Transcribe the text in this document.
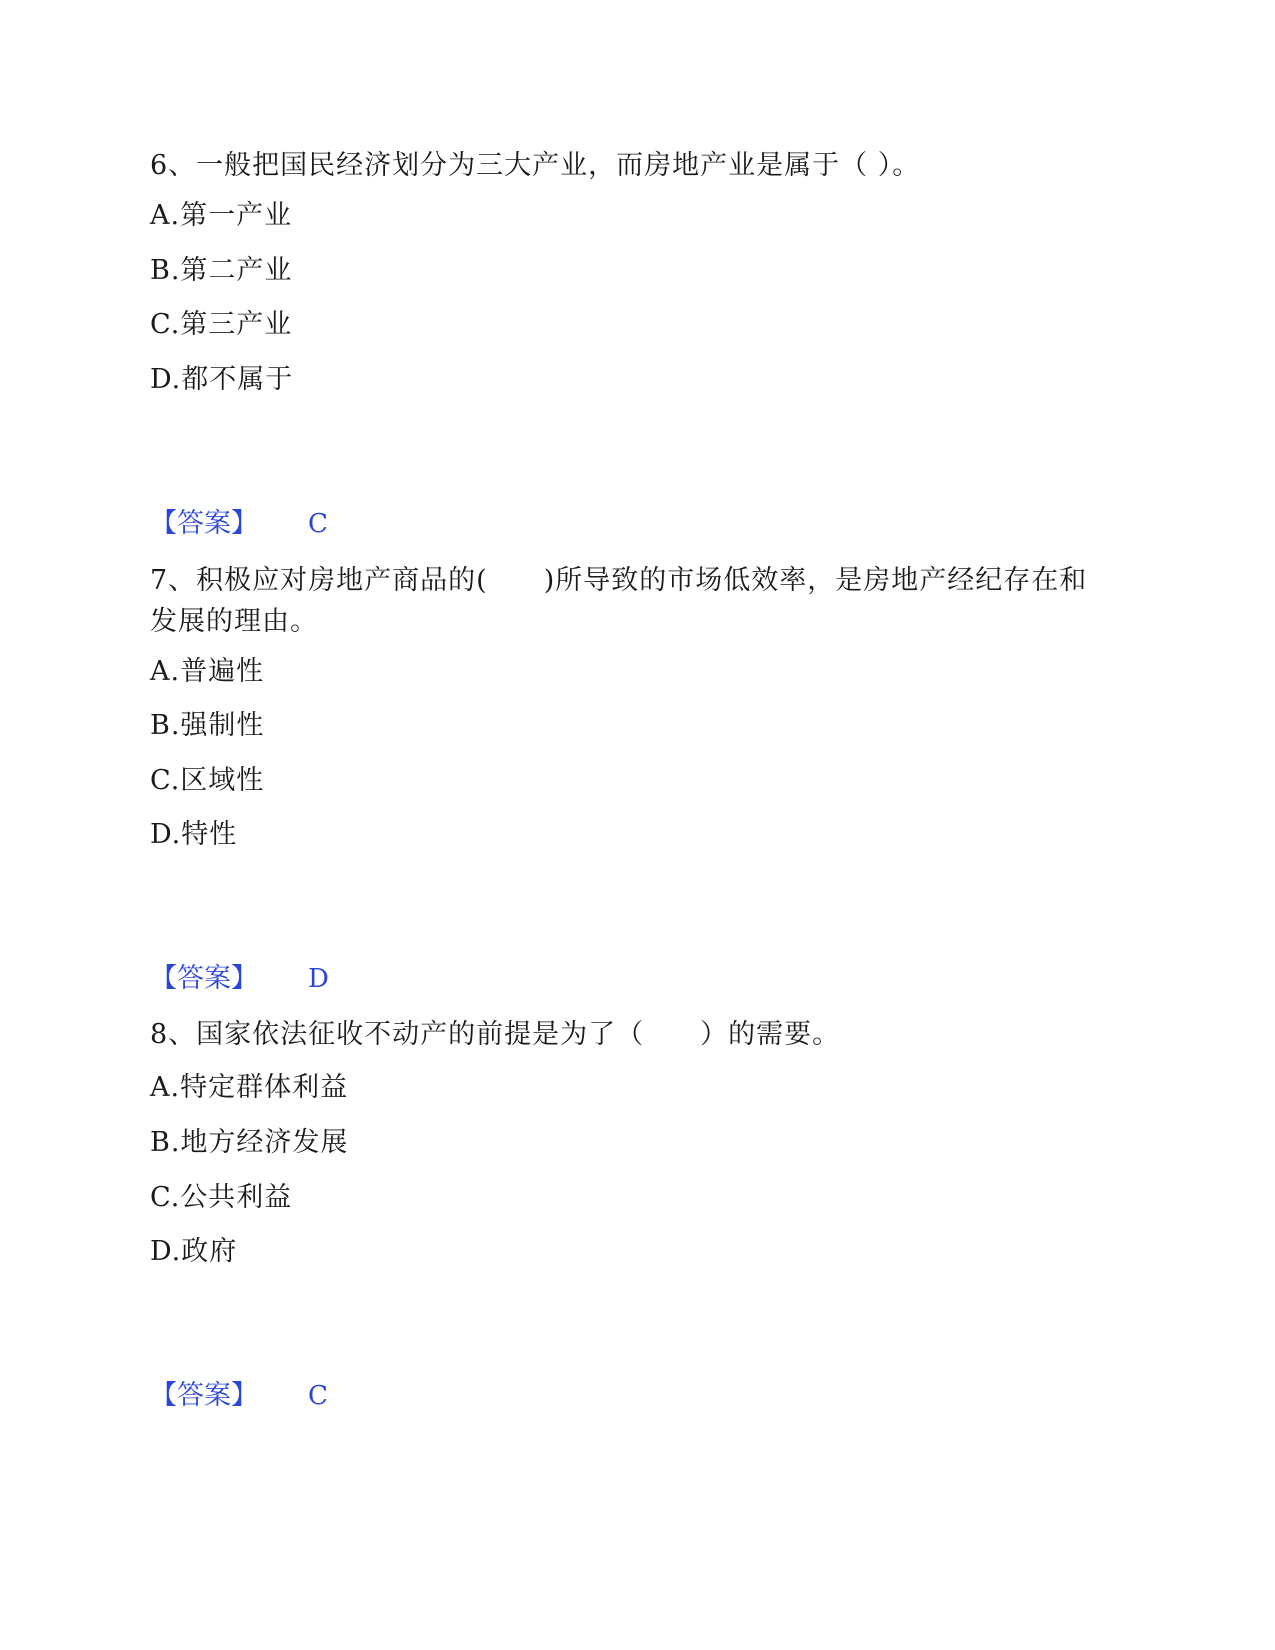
6、一般把国民经济划分为三大产业，而房地产业是属于（ ）。
A.第一产业
B.第二产业
C.第三产业
D.都不属于
【答案】 C
7、积极应对房地产商品的(　　)所导致的市场低效率，是房地产经纪存在和发展的理由。
A.普遍性
B.强制性
C.区域性
D.特性
【答案】 D
8、国家依法征收不动产的前提是为了（　　）的需要。
A.特定群体利益
B.地方经济发展
C.公共利益
D.政府
【答案】 C
